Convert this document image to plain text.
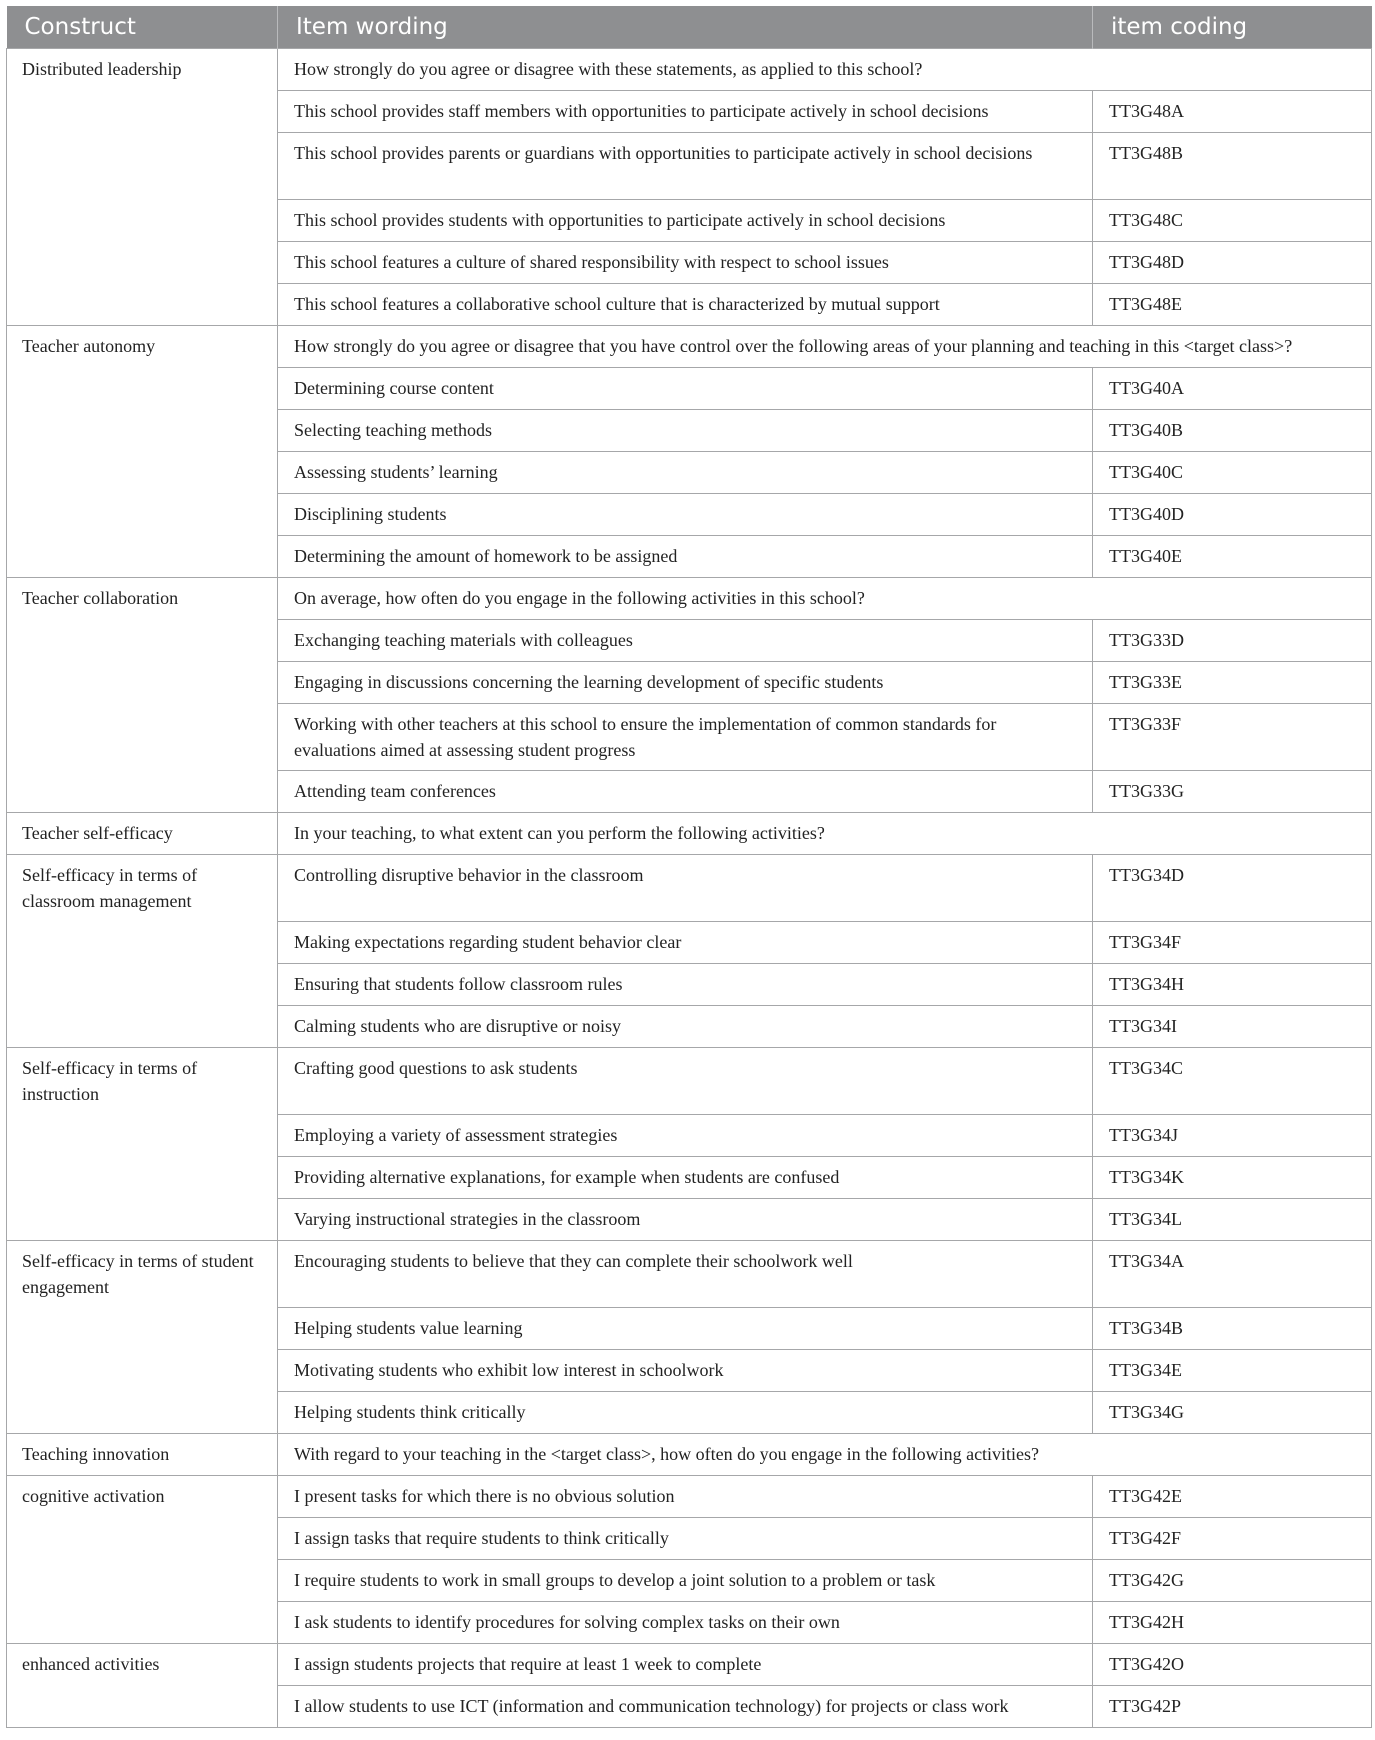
Construct	Item wording	item coding
Distributed leadership	How strongly do you agree or disagree with these statements, as applied to this school?	
	This school provides staff members with opportunities to participate actively in school decisions	TT3G48A
	This school provides parents or guardians with opportunities to participate actively in school decisions	TT3G48B
	This school provides students with opportunities to participate actively in school decisions	TT3G48C
	This school features a culture of shared responsibility with respect to school issues	TT3G48D
	This school features a collaborative school culture that is characterized by mutual support	TT3G48E
Teacher autonomy	How strongly do you agree or disagree that you have control over the following areas of your planning and teaching in this <target class>?	
	Determining course content	TT3G40A
	Selecting teaching methods	TT3G40B
	Assessing students’ learning	TT3G40C
	Disciplining students	TT3G40D
	Determining the amount of homework to be assigned	TT3G40E
Teacher collaboration	On average, how often do you engage in the following activities in this school?	
	Exchanging teaching materials with colleagues	TT3G33D
	Engaging in discussions concerning the learning development of specific students	TT3G33E
	Working with other teachers at this school to ensure the implementation of common standards for evaluations aimed at assessing student progress	TT3G33F
	Attending team conferences	TT3G33G
Teacher self-efficacy	In your teaching, to what extent can you perform the following activities?	
Self-efficacy in terms of classroom management	Controlling disruptive behavior in the classroom	TT3G34D
	Making expectations regarding student behavior clear	TT3G34F
	Ensuring that students follow classroom rules	TT3G34H
	Calming students who are disruptive or noisy	TT3G34I
Self-efficacy in terms of instruction	Crafting good questions to ask students	TT3G34C
	Employing a variety of assessment strategies	TT3G34J
	Providing alternative explanations, for example when students are confused	TT3G34K
	Varying instructional strategies in the classroom	TT3G34L
Self-efficacy in terms of student engagement	Encouraging students to believe that they can complete their schoolwork well	TT3G34A
	Helping students value learning	TT3G34B
	Motivating students who exhibit low interest in schoolwork	TT3G34E
	Helping students think critically	TT3G34G
Teaching innovation	With regard to your teaching in the <target class>, how often do you engage in the following activities?	
cognitive activation	I present tasks for which there is no obvious solution	TT3G42E
	I assign tasks that require students to think critically	TT3G42F
	I require students to work in small groups to develop a joint solution to a problem or task	TT3G42G
	I ask students to identify procedures for solving complex tasks on their own	TT3G42H
enhanced activities	I assign students projects that require at least 1 week to complete	TT3G42O
	I allow students to use ICT (information and communication technology) for projects or class work	TT3G42P
